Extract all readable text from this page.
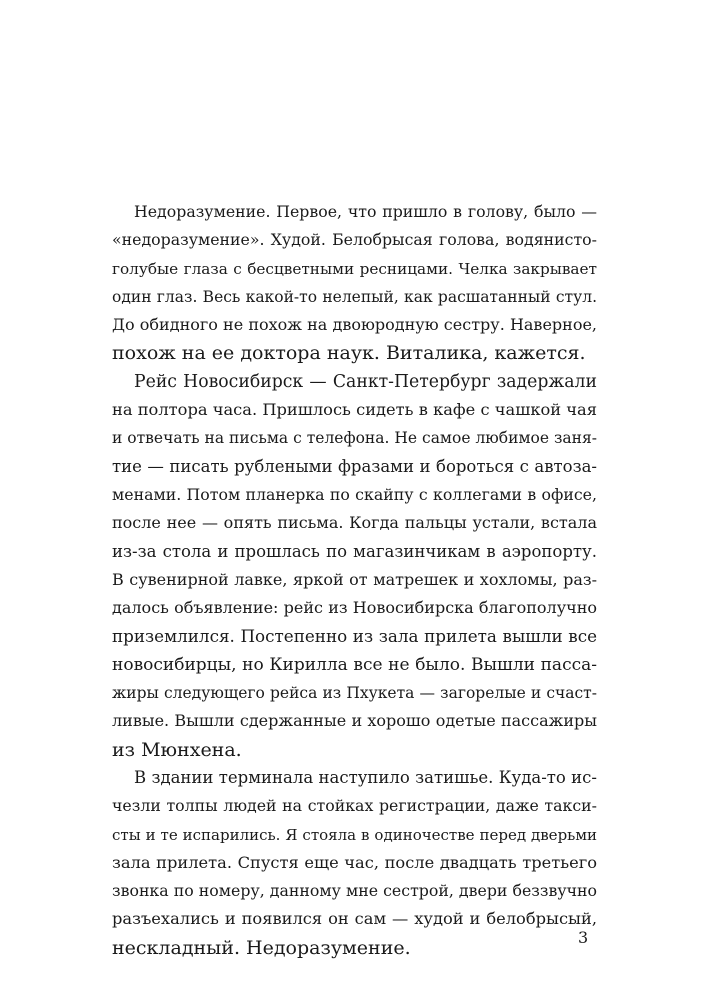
Недоразумение. Первое, что пришло в голову, было —
«недоразумение». Худой. Белобрысая голова, водянисто-
голубые глаза с бесцветными ресницами. Челка закрывает
один глаз. Весь какой-то нелепый, как расшатанный стул.
До обидного не похож на двоюродную сестру. Наверное,
похож на ее доктора наук. Виталика, кажется.
Рейс Новосибирск — Санкт-Петербург задержали
на полтора часа. Пришлось сидеть в кафе с чашкой чая
и отвечать на письма с телефона. Не самое любимое заня-
тие — писать рублеными фразами и бороться с автоза-
менами. Потом планерка по скайпу с коллегами в офисе,
после нее — опять письма. Когда пальцы устали, встала
из-за стола и прошлась по магазинчикам в аэропорту.
В сувенирной лавке, яркой от матрешек и хохломы, раз-
далось объявление: рейс из Новосибирска благополучно
приземлился. Постепенно из зала прилета вышли все
новосибирцы, но Кирилла все не было. Вышли пасса-
жиры следующего рейса из Пхукета — загорелые и счаст-
ливые. Вышли сдержанные и хорошо одетые пассажиры
из Мюнхена.
В здании терминала наступило затишье. Куда-то ис-
чезли толпы людей на стойках регистрации, даже такси-
сты и те испарились. Я стояла в одиночестве перед дверьми
зала прилета. Спустя еще час, после двадцать третьего
звонка по номеру, данному мне сестрой, двери беззвучно
разъехались и появился он сам — худой и белобрысый,
нескладный. Недоразумение.	3
